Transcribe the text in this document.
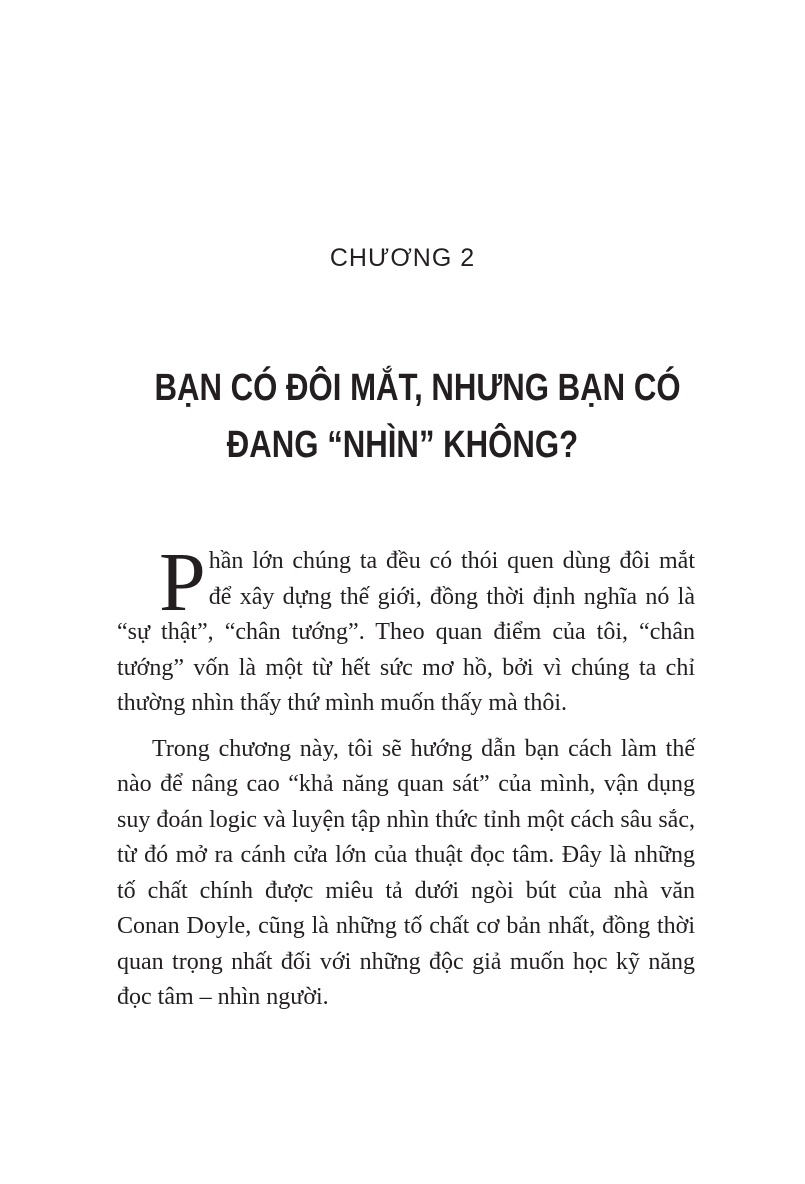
CHƯƠNG 2
BẠN CÓ ĐÔI MẮT, NHƯNG BẠN CÓ
ĐANG “NHÌN” KHÔNG?

Phần lớn chúng ta đều có thói quen dùng đôi mắt để xây dựng thế giới, đồng thời định nghĩa nó là “sự thật”, “chân tướng”. Theo quan điểm của tôi, “chân tướng” vốn là một từ hết sức mơ hồ, bởi vì chúng ta chỉ thường nhìn thấy thứ mình muốn thấy mà thôi.

Trong chương này, tôi sẽ hướng dẫn bạn cách làm thế nào để nâng cao “khả năng quan sát” của mình, vận dụng suy đoán logic và luyện tập nhìn thức tỉnh một cách sâu sắc, từ đó mở ra cánh cửa lớn của thuật đọc tâm. Đây là những tố chất chính được miêu tả dưới ngòi bút của nhà văn Conan Doyle, cũng là những tố chất cơ bản nhất, đồng thời quan trọng nhất đối với những độc giả muốn học kỹ năng đọc tâm – nhìn người.
